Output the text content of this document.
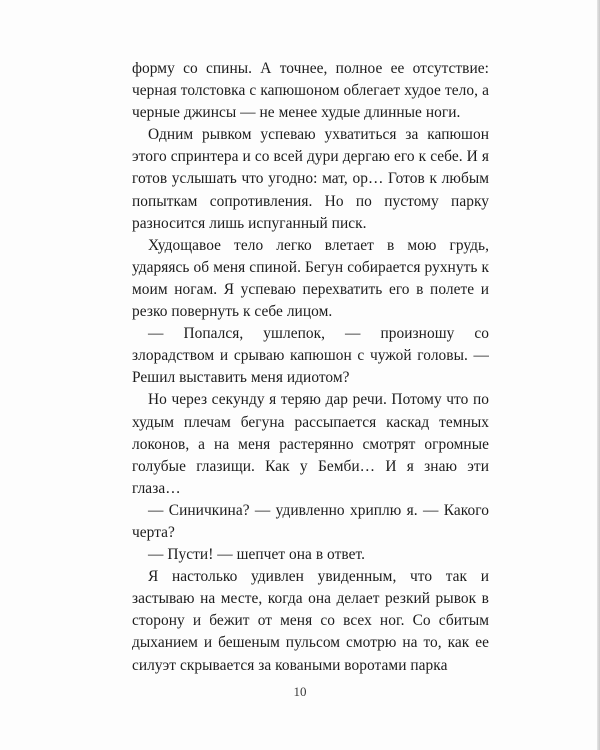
форму со спины. А точнее, полное ее отсутствие: черная толстовка с капюшоном облегает худое тело, а черные джинсы — не менее худые длинные ноги.

Одним рывком успеваю ухватиться за капюшон этого спринтера и со всей дури дергаю его к себе. И я готов услышать что угодно: мат, ор… Готов к любым попыткам сопротивления. Но по пустому парку разносится лишь испуганный писк.

Худощавое тело легко влетает в мою грудь, ударяясь об меня спиной. Бегун собирается рухнуть к моим ногам. Я успеваю перехватить его в полете и резко повернуть к себе лицом.

— Попался, ушлепок, — произношу со злорадством и срываю капюшон с чужой головы. — Решил выставить меня идиотом?

Но через секунду я теряю дар речи. Потому что по худым плечам бегуна рассыпается каскад темных локонов, а на меня растерянно смотрят огромные голубые глазищи. Как у Бемби… И я знаю эти глаза…

— Синичкина? — удивленно хриплю я. — Какого черта?

— Пусти! — шепчет она в ответ.

Я настолько удивлен увиденным, что так и застываю на месте, когда она делает резкий рывок в сторону и бежит от меня со всех ног. Со сбитым дыханием и бешеным пульсом смотрю на то, как ее силуэт скрывается за коваными воротами парка

10
